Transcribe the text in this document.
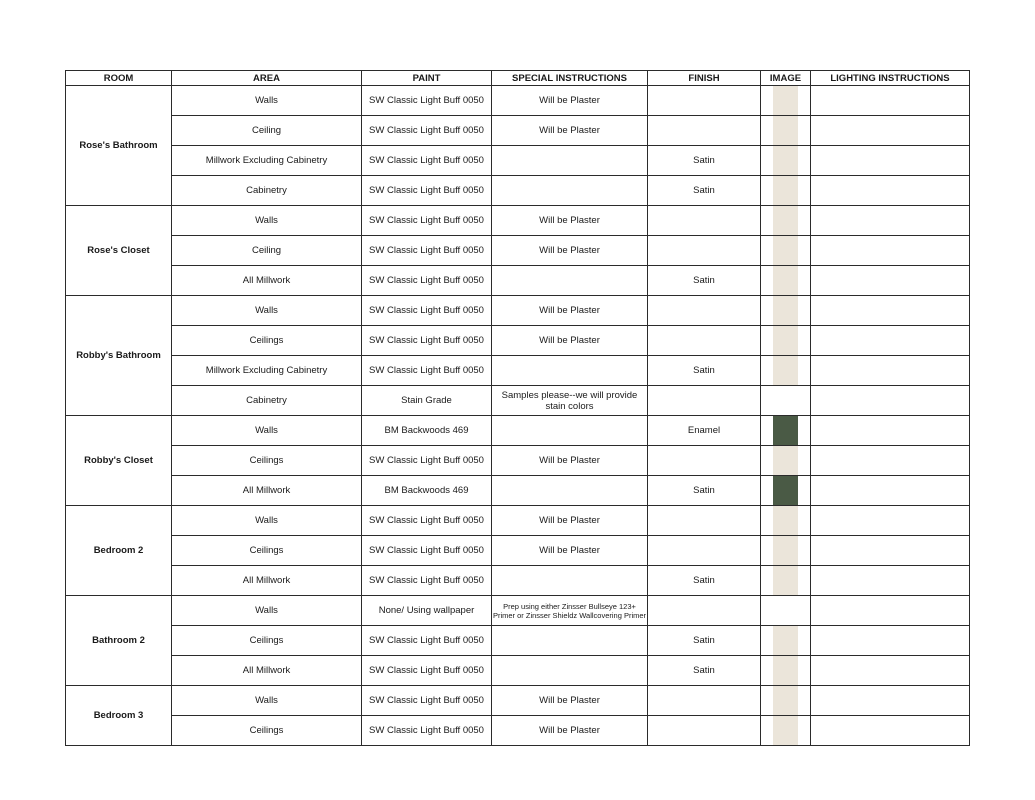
ROOM	AREA	PAINT	SPECIAL INSTRUCTIONS	FINISH	IMAGE	LIGHTING INSTRUCTIONS
Rose's Bathroom	Walls	SW Classic Light Buff 0050	Will be Plaster		

	Ceiling	SW Classic Light Buff 0050	Will be Plaster		

	Millwork Excluding Cabinetry	SW Classic Light Buff 0050		Satin	

	Cabinetry	SW Classic Light Buff 0050		Satin	

Rose's Closet	Walls	SW Classic Light Buff 0050	Will be Plaster		

	Ceiling	SW Classic Light Buff 0050	Will be Plaster		

	All Millwork	SW Classic Light Buff 0050		Satin	

Robby's Bathroom	Walls	SW Classic Light Buff 0050	Will be Plaster		

	Ceilings	SW Classic Light Buff 0050	Will be Plaster		

	Millwork Excluding Cabinetry	SW Classic Light Buff 0050		Satin	

	Cabinetry	Stain Grade	Samples please--we will provide stain colors			
Robby's Closet	Walls	BM Backwoods 469		Enamel	

	Ceilings	SW Classic Light Buff 0050	Will be Plaster		

	All Millwork	BM Backwoods 469		Satin	

Bedroom 2	Walls	SW Classic Light Buff 0050	Will be Plaster		

	Ceilings	SW Classic Light Buff 0050	Will be Plaster		

	All Millwork	SW Classic Light Buff 0050		Satin	

Bathroom 2	Walls	None/ Using wallpaper	Prep using either Zinsser Bullseye 123+ Primer or Zinsser Shieldz Wallcovering Primer			
	Ceilings	SW Classic Light Buff 0050		Satin	

	All Millwork	SW Classic Light Buff 0050		Satin	

Bedroom 3	Walls	SW Classic Light Buff 0050	Will be Plaster		

	Ceilings	SW Classic Light Buff 0050	Will be Plaster		
